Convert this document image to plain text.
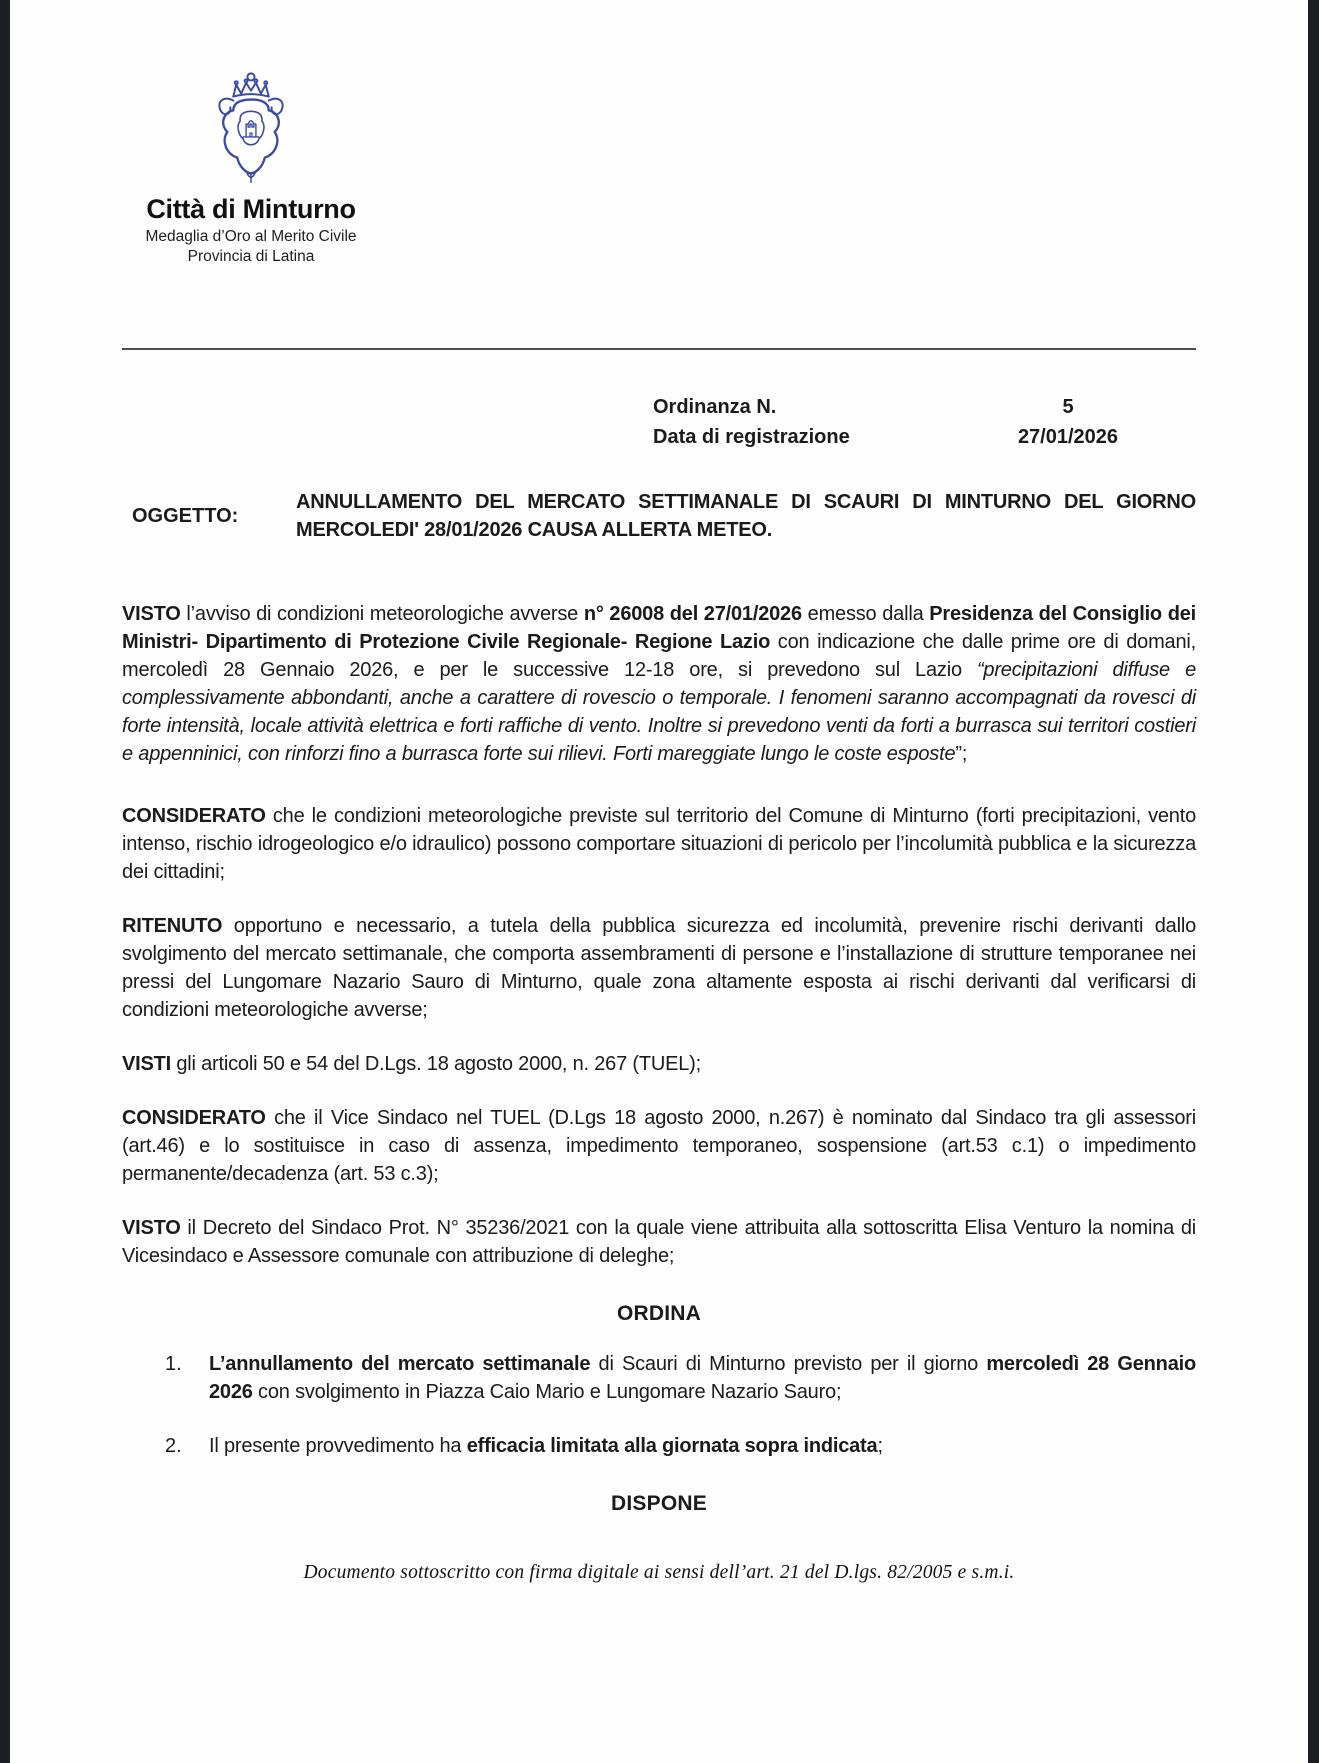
Città di Minturno
Medaglia d’Oro al Merito Civile
Provincia di Latina
Ordinanza N.	5
Data di registrazione	27/01/2026
OGGETTO:
ANNULLAMENTO DEL MERCATO SETTIMANALE DI SCAURI DI MINTURNO DEL GIORNO MERCOLEDI' 28/01/2026 CAUSA ALLERTA METEO.

VISTO l’avviso di condizioni meteorologiche avverse n° 26008 del 27/01/2026 emesso dalla Presidenza del Consiglio dei Ministri- Dipartimento di Protezione Civile Regionale- Regione Lazio con indicazione che dalle prime ore di domani, mercoledì 28 Gennaio 2026, e per le successive 12-18 ore, si prevedono sul Lazio “precipitazioni diffuse e complessivamente abbondanti, anche a carattere di rovescio o temporale. I fenomeni saranno accompagnati da rovesci di forte intensità, locale attività elettrica e forti raffiche di vento. Inoltre si prevedono venti da forti a burrasca sui territori costieri e appenninici, con rinforzi fino a burrasca forte sui rilievi. Forti mareggiate lungo le coste esposte”;

CONSIDERATO che le condizioni meteorologiche previste sul territorio del Comune di Minturno (forti precipitazioni, vento intenso, rischio idrogeologico e/o idraulico) possono comportare situazioni di pericolo per l’incolumità pubblica e la sicurezza dei cittadini;

RITENUTO opportuno e necessario, a tutela della pubblica sicurezza ed incolumità, prevenire rischi derivanti dallo svolgimento del mercato settimanale, che comporta assembramenti di persone e l’installazione di strutture temporanee nei pressi del Lungomare Nazario Sauro di Minturno, quale zona altamente esposta ai rischi derivanti dal verificarsi di condizioni meteorologiche avverse;

VISTI gli articoli 50 e 54 del D.Lgs. 18 agosto 2000, n. 267 (TUEL);

CONSIDERATO che il Vice Sindaco nel TUEL (D.Lgs 18 agosto 2000, n.267) è nominato dal Sindaco tra gli assessori (art.46) e lo sostituisce in caso di assenza, impedimento temporaneo, sospensione (art.53 c.1) o impedimento permanente/decadenza (art. 53 c.3);

VISTO il Decreto del Sindaco Prot. N° 35236/2021 con la quale viene attribuita alla sottoscritta Elisa Venturo la nomina di Vicesindaco e Assessore comunale con attribuzione di deleghe;

ORDINA
1.	L’annullamento del mercato settimanale di Scauri di Minturno previsto per il giorno mercoledì 28 Gennaio 2026 con svolgimento in Piazza Caio Mario e Lungomare Nazario Sauro;
2.	Il presente provvedimento ha efficacia limitata alla giornata sopra indicata;
DISPONE
Documento sottoscritto con firma digitale ai sensi dell’art. 21 del D.lgs. 82/2005 e s.m.i.
